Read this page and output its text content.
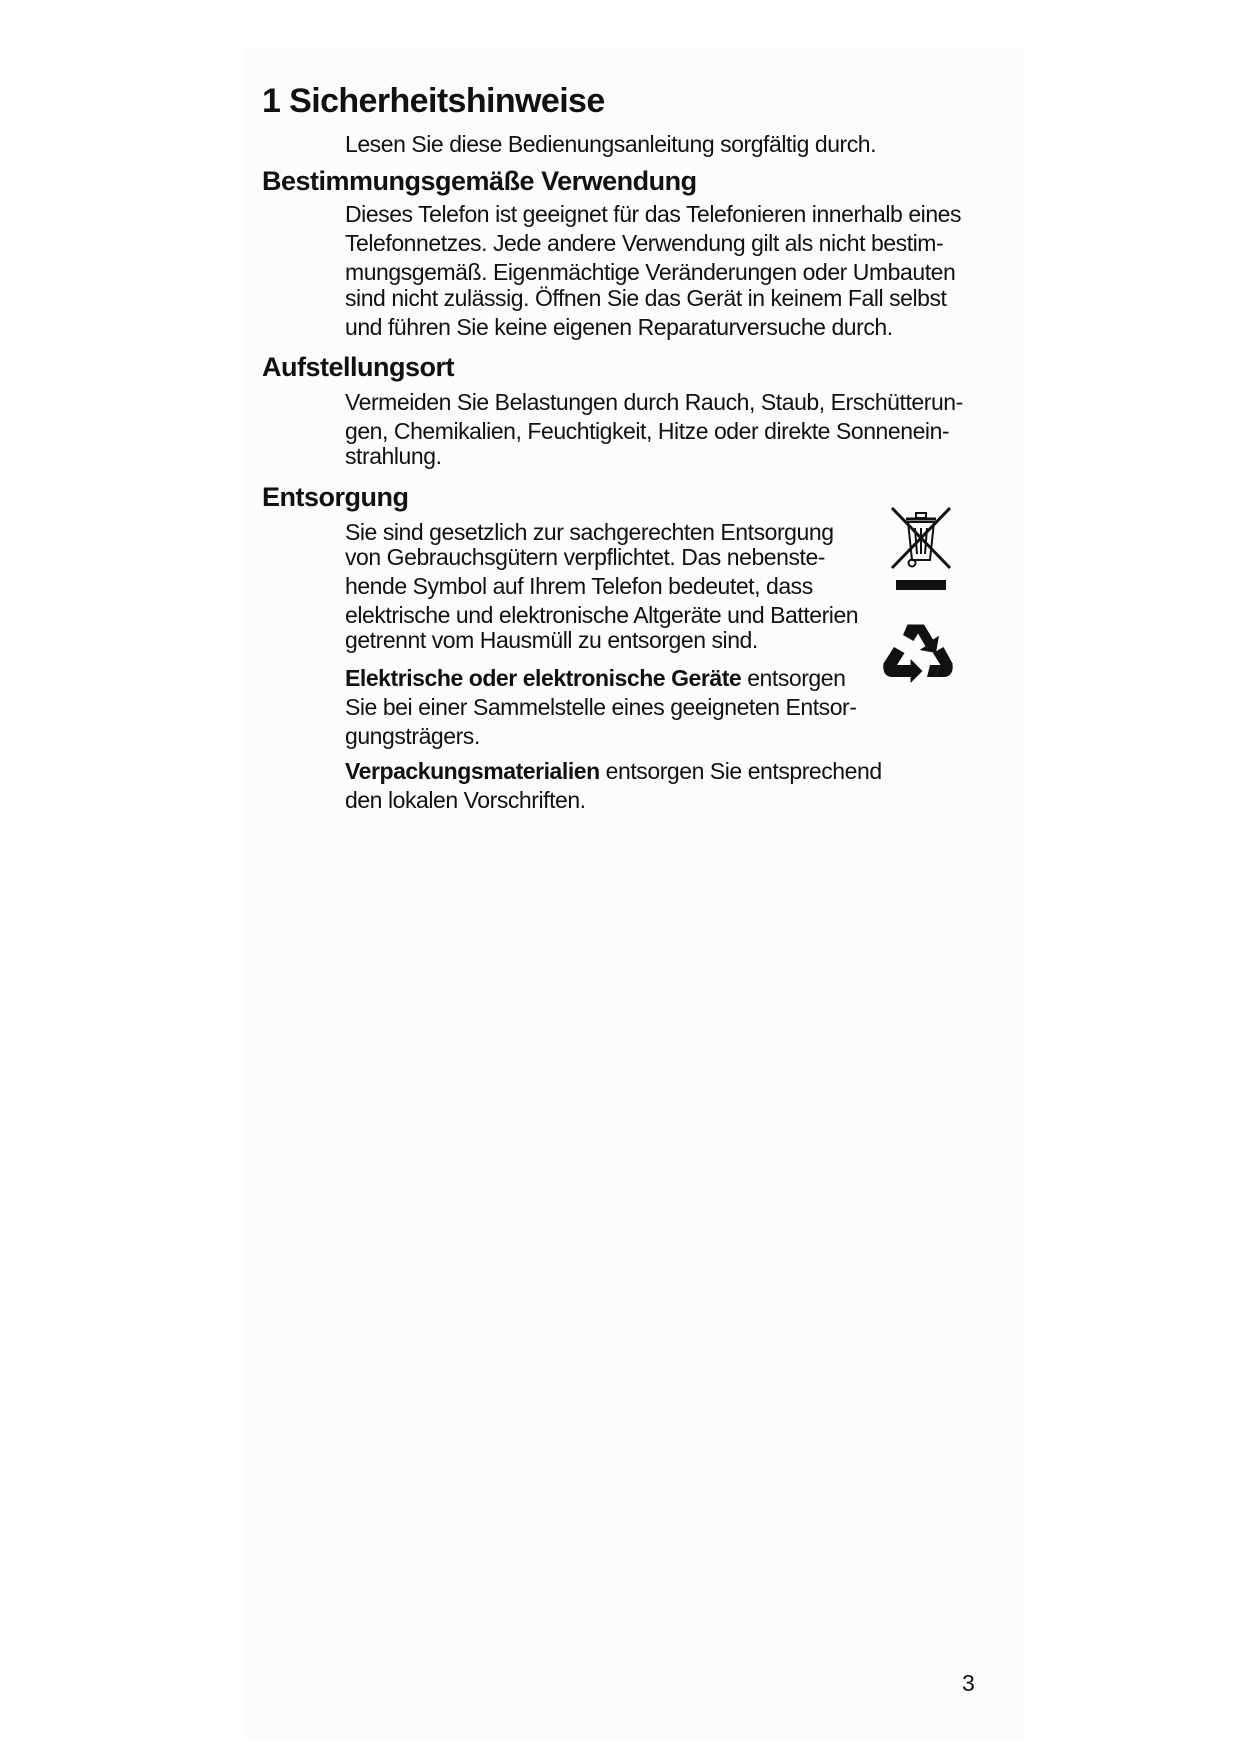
1 Sicherheitshinweise

Lesen Sie diese Bedienungsanleitung sorgfältig durch.

Bestimmungsgemäße Verwendung

Dieses Telefon ist geeignet für das Telefonieren innerhalb eines
Telefonnetzes. Jede andere Verwendung gilt als nicht bestim-
mungsgemäß. Eigenmächtige Veränderungen oder Umbauten
sind nicht zulässig. Öffnen Sie das Gerät in keinem Fall selbst
und führen Sie keine eigenen Reparaturversuche durch.

Aufstellungsort

Vermeiden Sie Belastungen durch Rauch, Staub, Erschütterun-
gen, Chemikalien, Feuchtigkeit, Hitze oder direkte Sonnenein-
strahlung.

Entsorgung

Sie sind gesetzlich zur sachgerechten Entsorgung
von Gebrauchsgütern verpflichtet. Das nebenste-
hende Symbol auf Ihrem Telefon bedeutet, dass
elektrische und elektronische Altgeräte und Batterien
getrennt vom Hausmüll zu entsorgen sind.

Elektrische oder elektronische Geräte entsorgen
Sie bei einer Sammelstelle eines geeigneten Entsor-
gungsträgers.

Verpackungsmaterialien entsorgen Sie entsprechend
den lokalen Vorschriften.

3
